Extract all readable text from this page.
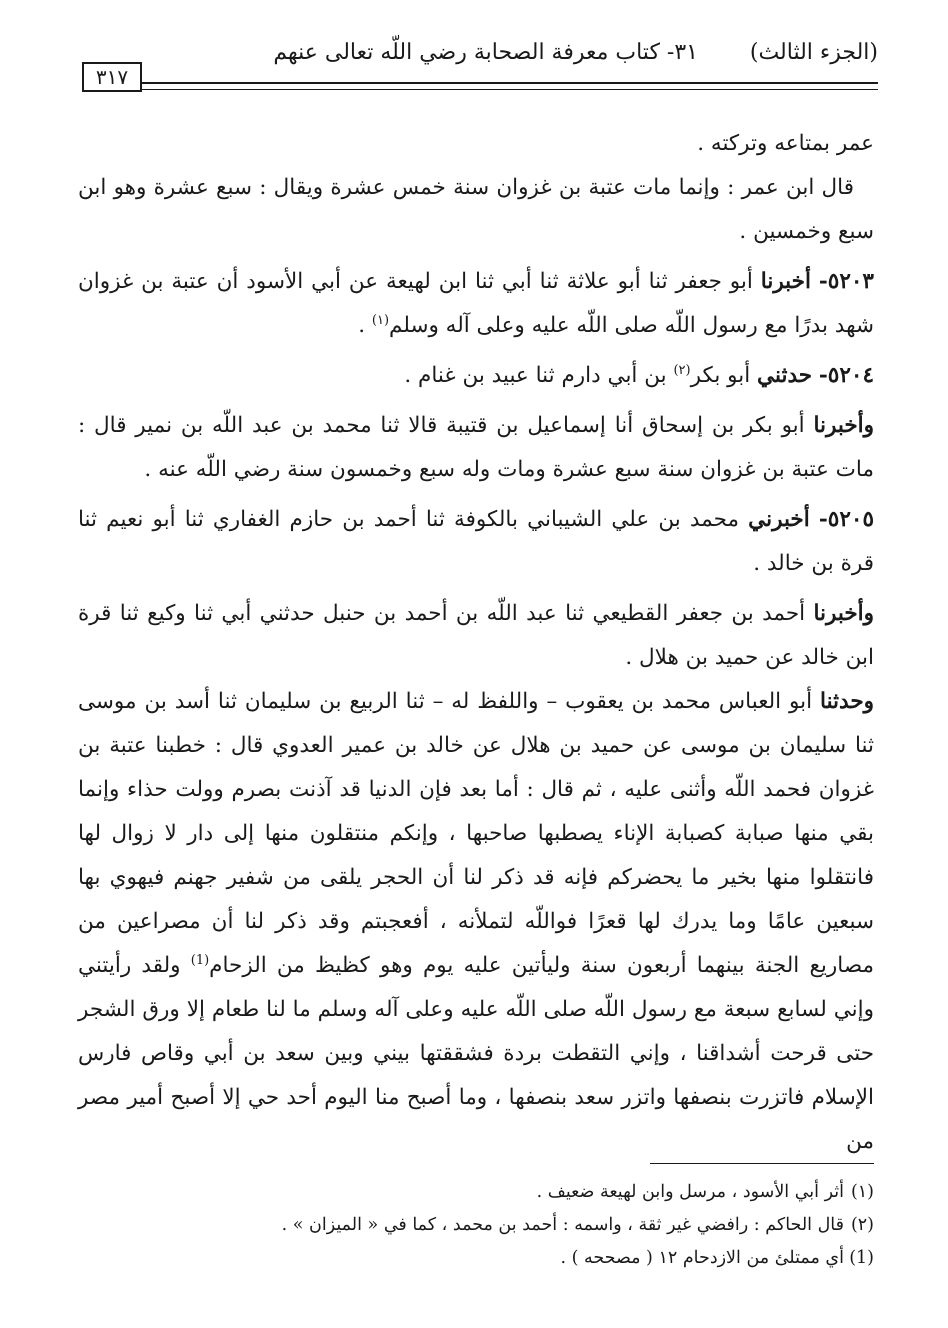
(الجزء الثالث)
٣١- كتاب معرفة الصحابة رضي اللّه تعالى عنهم
٣١٧

عمر بمتاعه وتركته .

قال ابن عمر : وإنما مات عتبة بن غزوان سنة خمس عشرة ويقال : سبع عشرة وهو ابن سبع وخمسين .

٥٢٠٣- أخبرنا أبو جعفر ثنا أبو علاثة ثنا أبي ثنا ابن لهيعة عن أبي الأسود أن عتبة بن غزوان شهد بدرًا مع رسول اللّه صلى اللّه عليه وعلى آله وسلم$^{(١)}$ .

٥٢٠٤- حدثني أبو بكر$^{(٢)}$ بن أبي دارم ثنا عبيد بن غنام .

وأخبرنا أبو بكر بن إسحاق أنا إسماعيل بن قتيبة قالا ثنا محمد بن عبد اللّه بن نمير قال : مات عتبة بن غزوان سنة سبع عشرة ومات وله سبع وخمسون سنة رضي اللّه عنه .

٥٢٠٥- أخبرني محمد بن علي الشيباني بالكوفة ثنا أحمد بن حازم الغفاري ثنا أبو نعيم ثنا قرة بن خالد .

وأخبرنا أحمد بن جعفر القطيعي ثنا عبد اللّه بن أحمد بن حنبل حدثني أبي ثنا وكيع ثنا قرة ابن خالد عن حميد بن هلال .

وحدثنا أبو العباس محمد بن يعقوب – واللفظ له – ثنا الربيع بن سليمان ثنا أسد بن موسى ثنا سليمان بن موسى عن حميد بن هلال عن خالد بن عمير العدوي قال : خطبنا عتبة بن غزوان فحمد اللّه وأثنى عليه ، ثم قال : أما بعد فإن الدنيا قد آذنت بصرم وولت حذاء وإنما بقي منها صبابة كصبابة الإناء يصطبها صاحبها ، وإنكم منتقلون منها إلى دار لا زوال لها فانتقلوا منها بخير ما يحضركم فإنه قد ذكر لنا أن الحجر يلقى من شفير جهنم فيهوي بها سبعين عامًا وما يدرك لها قعرًا فواللّه لتملأنه ، أفعجبتم وقد ذكر لنا أن مصراعين من مصاريع الجنة بينهما أربعون سنة وليأتين عليه يوم وهو كظيظ من الزحام$^{(1)}$ ولقد رأيتني وإني لسابع سبعة مع رسول اللّه صلى اللّه عليه وعلى آله وسلم ما لنا طعام إلا ورق الشجر حتى قرحت أشداقنا ، وإني التقطت بردة فشققتها بيني وبين سعد بن أبي وقاص فارس الإسلام فاتزرت بنصفها واتزر سعد بنصفها ، وما أصبح منا اليوم أحد حي إلا أصبح أمير مصر من

(١)أثر أبي الأسود ، مرسل وابن لهيعة ضعيف .

(٢)قال الحاكم : رافضي غير ثقة ، واسمه : أحمد بن محمد ، كما في « الميزان » .

(1)أي ممتلئ من الازدحام ١٢ ( مصححه ) .
